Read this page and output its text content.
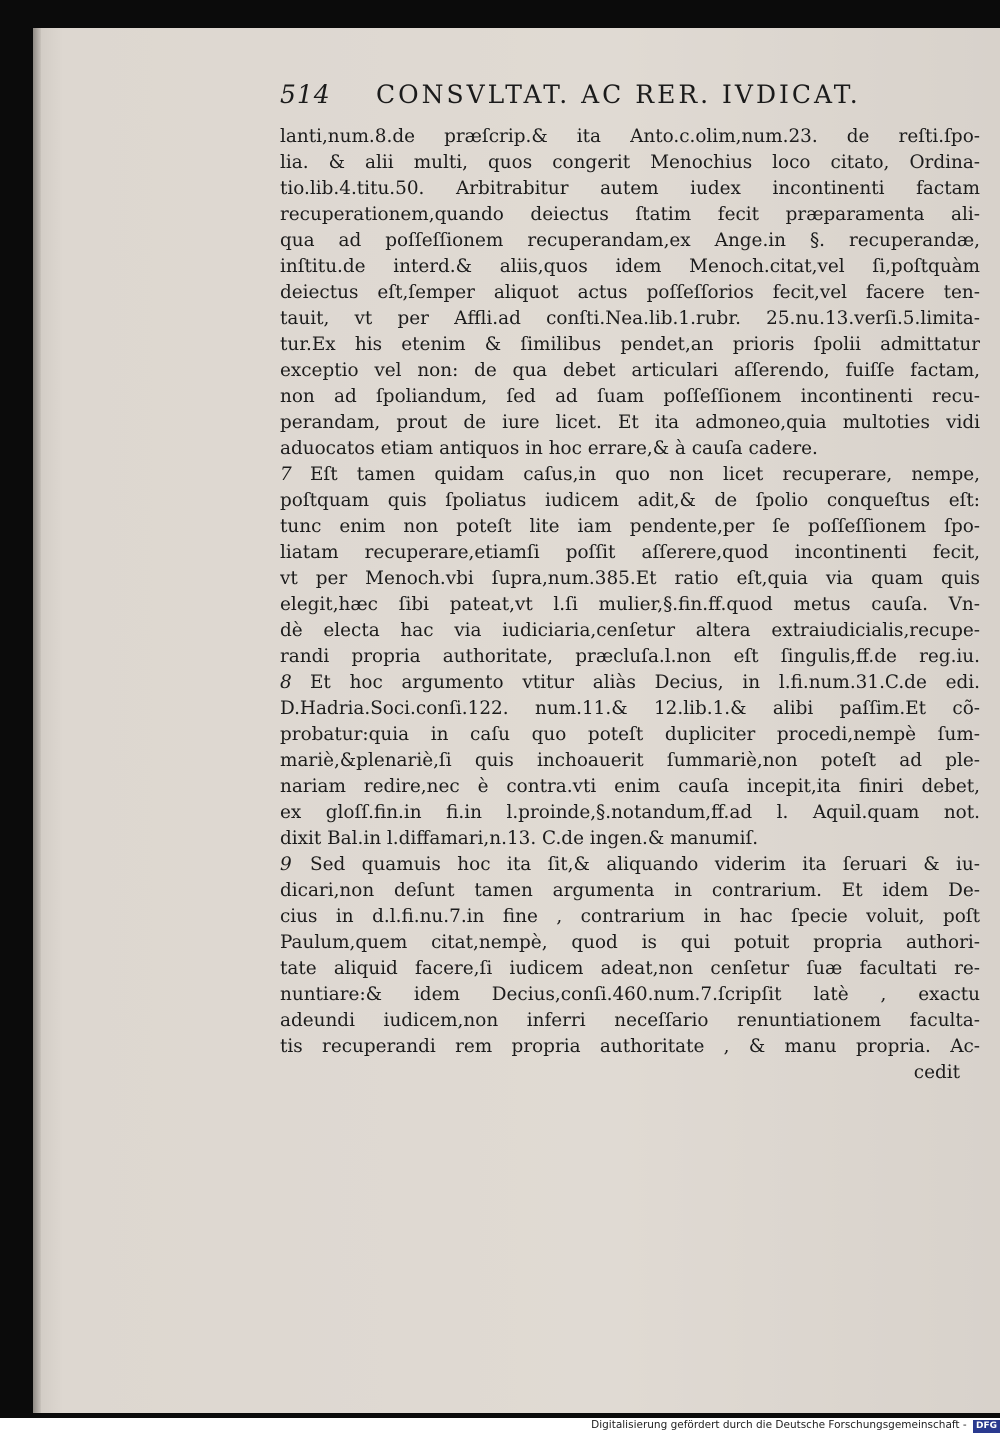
514 CONSVLTAT. AC RER. IVDICAT.
lanti,num.8.de præſcrip.& ita Anto.c.olim,num.23. de reſti.ſpo-
lia. & alii multi, quos congerit Menochius loco citato, Ordina-
tio.lib.4.titu.50. Arbitrabitur autem iudex incontinenti factam
recuperationem,quando deiectus ſtatim fecit præparamenta ali-
qua ad poſſeſſionem recuperandam,ex Ange.in §. recuperandæ,
inſtitu.de interd.& aliis,quos idem Menoch.citat,vel ſi,poſtquàm
deiectus eſt,ſemper aliquot actus poſſeſſorios fecit,vel facere ten-
tauit, vt per Affli.ad conſti.Nea.lib.1.rubr. 25.nu.13.verſi.5.limita-
tur.Ex his etenim & ſimilibus pendet,an prioris ſpolii admittatur
exceptio vel non: de qua debet articulari aſſerendo, fuiſſe factam,
non ad ſpoliandum, ſed ad ſuam poſſeſſionem incontinenti recu-
perandam, prout de iure licet. Et ita admoneo,quia multoties vidi
aduocatos etiam antiquos in hoc errare,& à cauſa cadere.
7 Eſt tamen quidam caſus,in quo non licet recuperare, nempe,
poſtquam quis ſpoliatus iudicem adit,& de ſpolio conqueſtus eſt:
tunc enim non poteſt lite iam pendente,per ſe poſſeſſionem ſpo-
liatam recuperare,etiamſi poſſit aſſerere,quod incontinenti fecit,
vt per Menoch.vbi ſupra,num.385.Et ratio eſt,quia via quam quis
elegit,hæc ſibi pateat,vt l.ſi mulier,§.fin.ff.quod metus cauſa. Vn-
dè electa hac via iudiciaria,cenſetur altera extraiudicialis,recupe-
randi propria authoritate, præcluſa.l.non eſt ſingulis,ff.de reg.iu.
8 Et hoc argumento vtitur aliàs Decius, in l.fi.num.31.C.de edi.
D.Hadria.Soci.conſi.122. num.11.& 12.lib.1.& alibi paſſim.Et cõ-
probatur:quia in caſu quo poteſt dupliciter procedi,nempè ſum-
mariè,&plenariè,ſi quis inchoauerit ſummariè,non poteſt ad ple-
nariam redire,nec è contra.vti enim cauſa incepit,ita finiri debet,
ex gloſſ.fin.in fi.in l.proinde,§.notandum,ff.ad l. Aquil.quam not.
dixit Bal.in l.diffamari,n.13. C.de ingen.& manumiſ.
9 Sed quamuis hoc ita ſit,& aliquando viderim ita ſeruari & iu-
dicari,non deſunt tamen argumenta in contrarium. Et idem De-
cius in d.l.fi.nu.7.in fine , contrarium in hac ſpecie voluit, poſt
Paulum,quem citat,nempè, quod is qui potuit propria authori-
tate aliquid facere,ſi iudicem adeat,non cenſetur ſuæ facultati re-
nuntiare:& idem Decius,conſi.460.num.7.ſcripſit latè , exactu
adeundi iudicem,non inferri neceſſario renuntiationem faculta-
tis recuperandi rem propria authoritate , & manu propria. Ac-
cedit
Digitalisierung gefördert durch die Deutsche Forschungsgemeinschaft - DFG
